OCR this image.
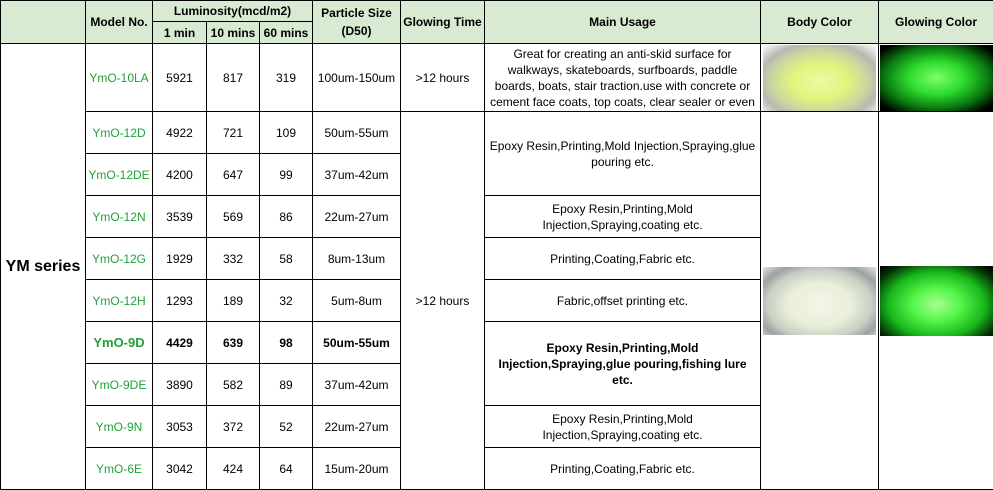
	Model No.	Luminosity(mcd/m2)			Particle Size (D50)	Glowing Time	Main Usage	Body Color	Glowing Color
		1 min	10 mins	60 mins					
YM series	YmO-10LA	5921	817	319	100um-150um	>12 hours	Great for creating an anti-skid surface for walkways, skateboards, surfboards, paddle boards, boats, stair traction.use with concrete or cement face coats, top coats, clear sealer or even	

	YmO-12D	4922	721	109	50um-55um	>12 hours	Epoxy Resin,Printing,Mold Injection,Spraying,glue pouring etc.	

	YmO-12DE	4200	647	99	37um-42um				
	YmO-12N	3539	569	86	22um-27um		Epoxy Resin,Printing,Mold Injection,Spraying,coating etc.		
	YmO-12G	1929	332	58	8um-13um		Printing,Coating,Fabric etc.		
	YmO-12H	1293	189	32	5um-8um		Fabric,offset printing etc.		
	YmO-9D	4429	639	98	50um-55um		Epoxy Resin,Printing,Mold Injection,Spraying,glue pouring,fishing lure etc.		
	YmO-9DE	3890	582	89	37um-42um				
	YmO-9N	3053	372	52	22um-27um		Epoxy Resin,Printing,Mold Injection,Spraying,coating etc.		
	YmO-6E	3042	424	64	15um-20um		Printing,Coating,Fabric etc.		
